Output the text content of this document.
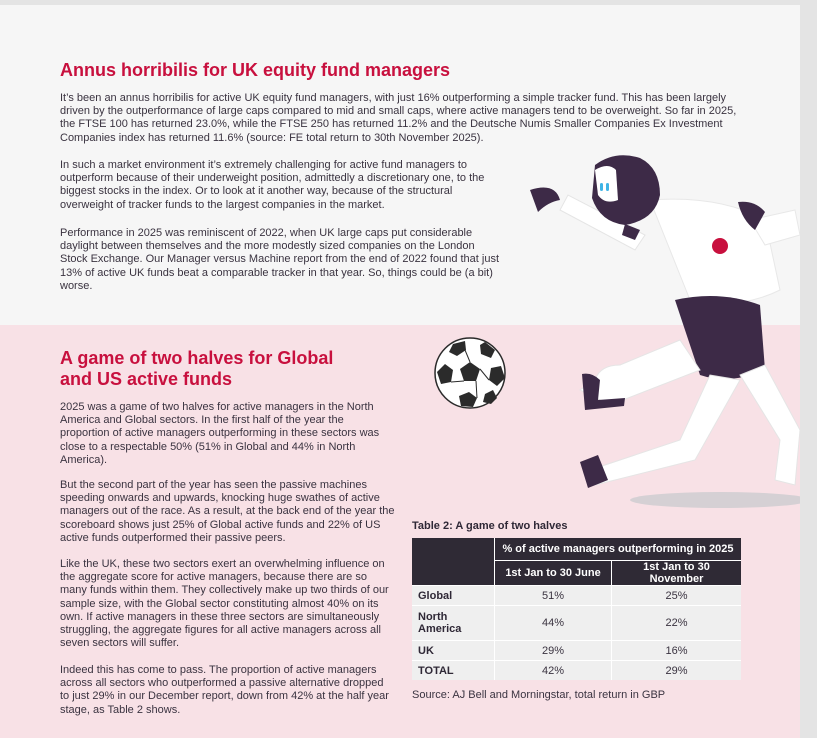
Annus horribilis for UK equity fund managers

It’s been an annus horribilis for active UK equity fund managers, with just 16% outperforming a simple tracker fund. This has been largely driven by the outperformance of large caps compared to mid and small caps, where active managers tend to be overweight. So far in 2025, the FTSE 100 has returned 23.0%, while the FTSE 250 has returned 11.2% and the Deutsche Numis Smaller Companies Ex Investment Companies index has returned 11.6% (source: FE total return to 30th November 2025).

In such a market environment it’s extremely challenging for active fund managers to outperform because of their underweight position, admittedly a discretionary one, to the biggest stocks in the index. Or to look at it another way, because of the structural overweight of tracker funds to the largest companies in the market.

Performance in 2025 was reminiscent of 2022, when UK large caps put considerable daylight between themselves and the more modestly sized companies on the London Stock Exchange. Our Manager versus Machine report from the end of 2022 found that just 13% of active UK funds beat a comparable tracker in that year. So, things could be (a bit) worse.

A game of two halves for Global
and US active funds

2025 was a game of two halves for active managers in the North America and Global sectors. In the first half of the year the proportion of active managers outperforming in these sectors was close to a respectable 50% (51% in Global and 44% in North America).

But the second part of the year has seen the passive machines speeding onwards and upwards, knocking huge swathes of active managers out of the race. As a result, at the back end of the year the scoreboard shows just 25% of Global active funds and 22% of US active funds outperformed their passive peers.

Like the UK, these two sectors exert an overwhelming influence on the aggregate score for active managers, because there are so many funds within them. They collectively make up two thirds of our sample size, with the Global sector constituting almost 40% on its own. If active managers in these three sectors are simultaneously struggling, the aggregate figures for all active managers across all seven sectors will suffer.

Indeed this has come to pass. The proportion of active managers across all sectors who outperformed a passive alternative dropped to just 29% in our December report, down from 42% at the half year stage, as Table 2 shows.

Table 2: A game of two halves
	% of active managers outperforming in 2025	
	1st Jan to 30 June	1st Jan to 30 November
Global	51%	25%
North America	44%	22%
UK	29%	16%
TOTAL	42%	29%
Source: AJ Bell and Morningstar, total return in GBP
